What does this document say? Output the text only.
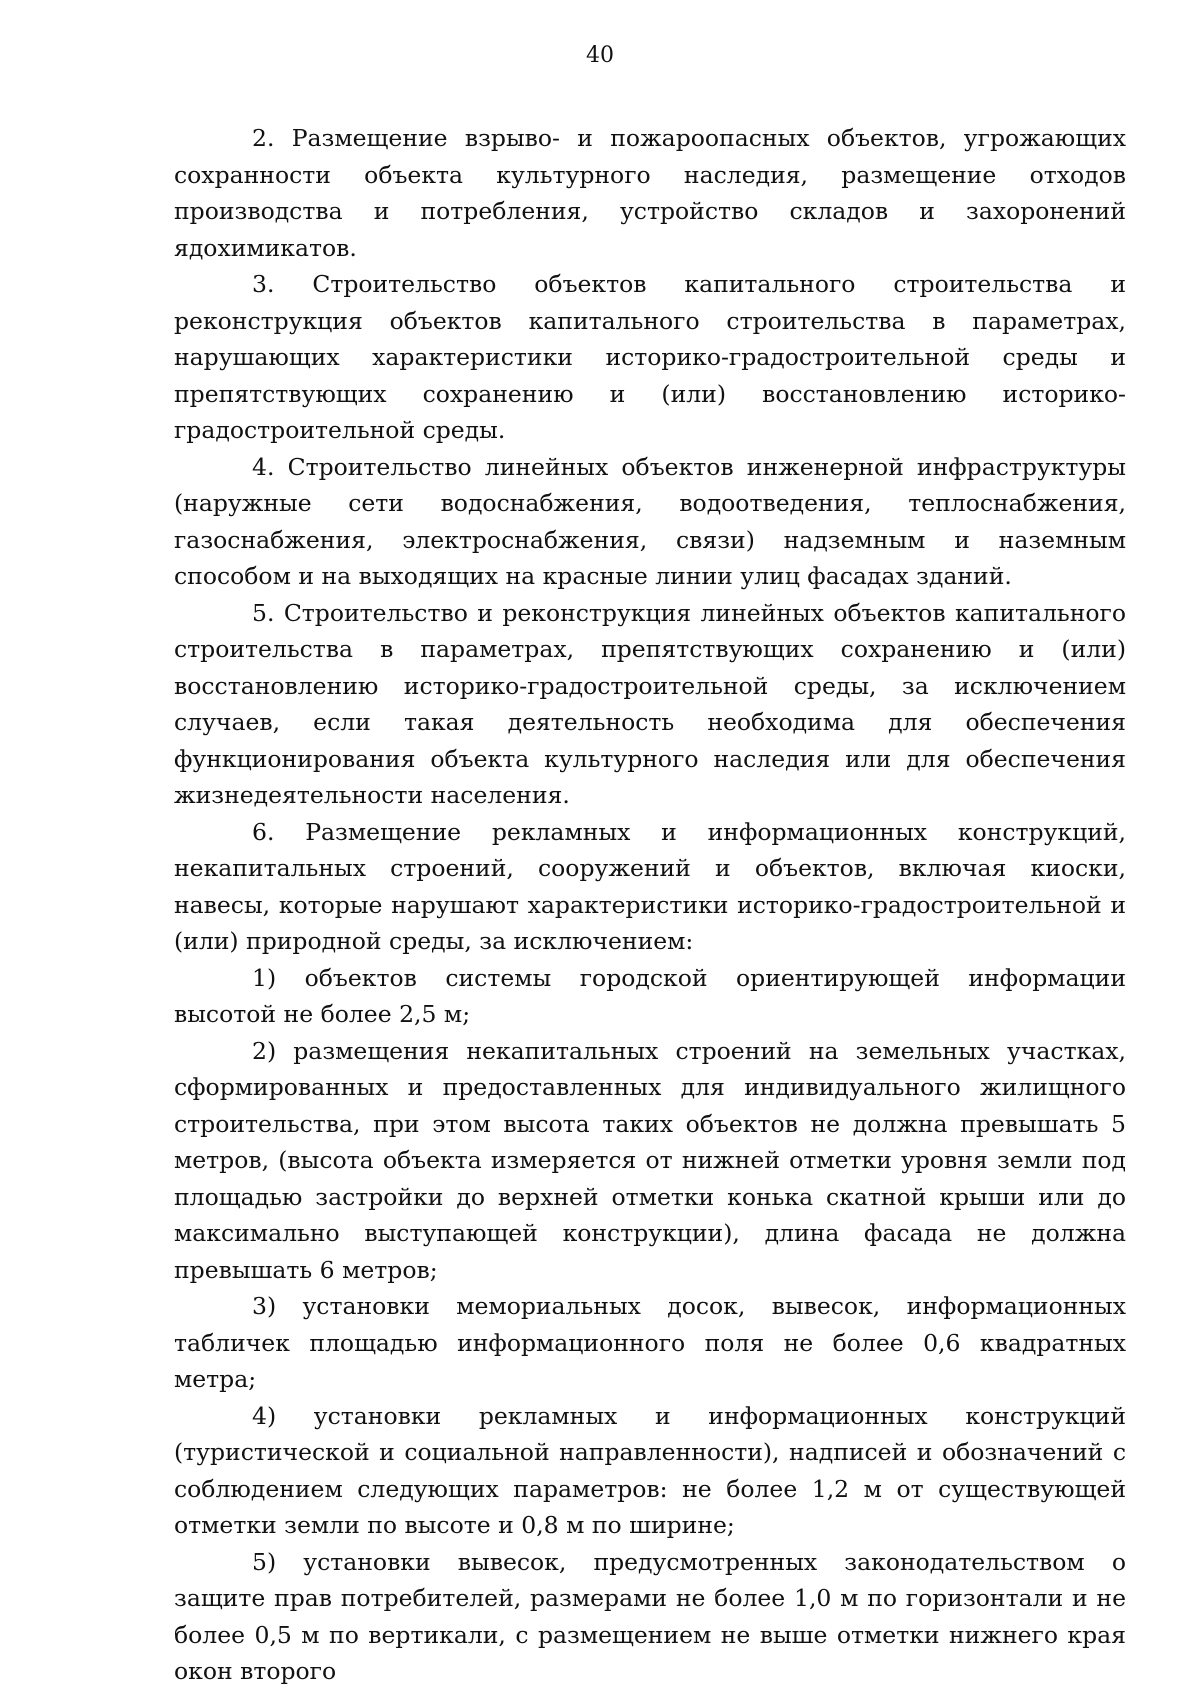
40

2. Размещение взрыво- и пожароопасных объектов, угрожающих сохранности объекта культурного наследия, размещение отходов производства и потребления, устройство складов и захоронений ядохимикатов.

3. Строительство объектов капитального строительства и реконструкция объектов капитального строительства в параметрах, нарушающих характеристики историко-градостроительной среды и препятствующих сохранению и (или) восстановлению историко-градостроительной среды.

4. Строительство линейных объектов инженерной инфраструктуры (наружные сети водоснабжения, водоотведения, теплоснабжения, газоснабжения, электроснабжения, связи) надземным и наземным способом и на выходящих на красные линии улиц фасадах зданий.

5. Строительство и реконструкция линейных объектов капитального строительства в параметрах, препятствующих сохранению и (или) восстановлению историко-градостроительной среды, за исключением случаев, если такая деятельность необходима для обеспечения функционирования объекта культурного наследия или для обеспечения жизнедеятельности населения.

6. Размещение рекламных и информационных конструкций, некапитальных строений, сооружений и объектов, включая киоски, навесы, которые нарушают характеристики историко-градостроительной и (или) природной среды, за исключением:

1) объектов системы городской ориентирующей информации высотой не более 2,5 м;

2) размещения некапитальных строений на земельных участках, сформированных и предоставленных для индивидуального жилищного строительства, при этом высота таких объектов не должна превышать 5 метров, (высота объекта измеряется от нижней отметки уровня земли под площадью застройки до верхней отметки конька скатной крыши или до максимально выступающей конструкции), длина фасада не должна превышать 6 метров;

3) установки мемориальных досок, вывесок, информационных табличек площадью информационного поля не более 0,6 квадратных метра;

4) установки рекламных и информационных конструкций (туристической и социальной направленности), надписей и обозначений с соблюдением следующих параметров: не более 1,2 м от существующей отметки земли по высоте и 0,8 м по ширине;

5) установки вывесок, предусмотренных законодательством о защите прав потребителей, размерами не более 1,0 м по горизонтали и не более 0,5 м по вертикали, с размещением не выше отметки нижнего края окон второго
